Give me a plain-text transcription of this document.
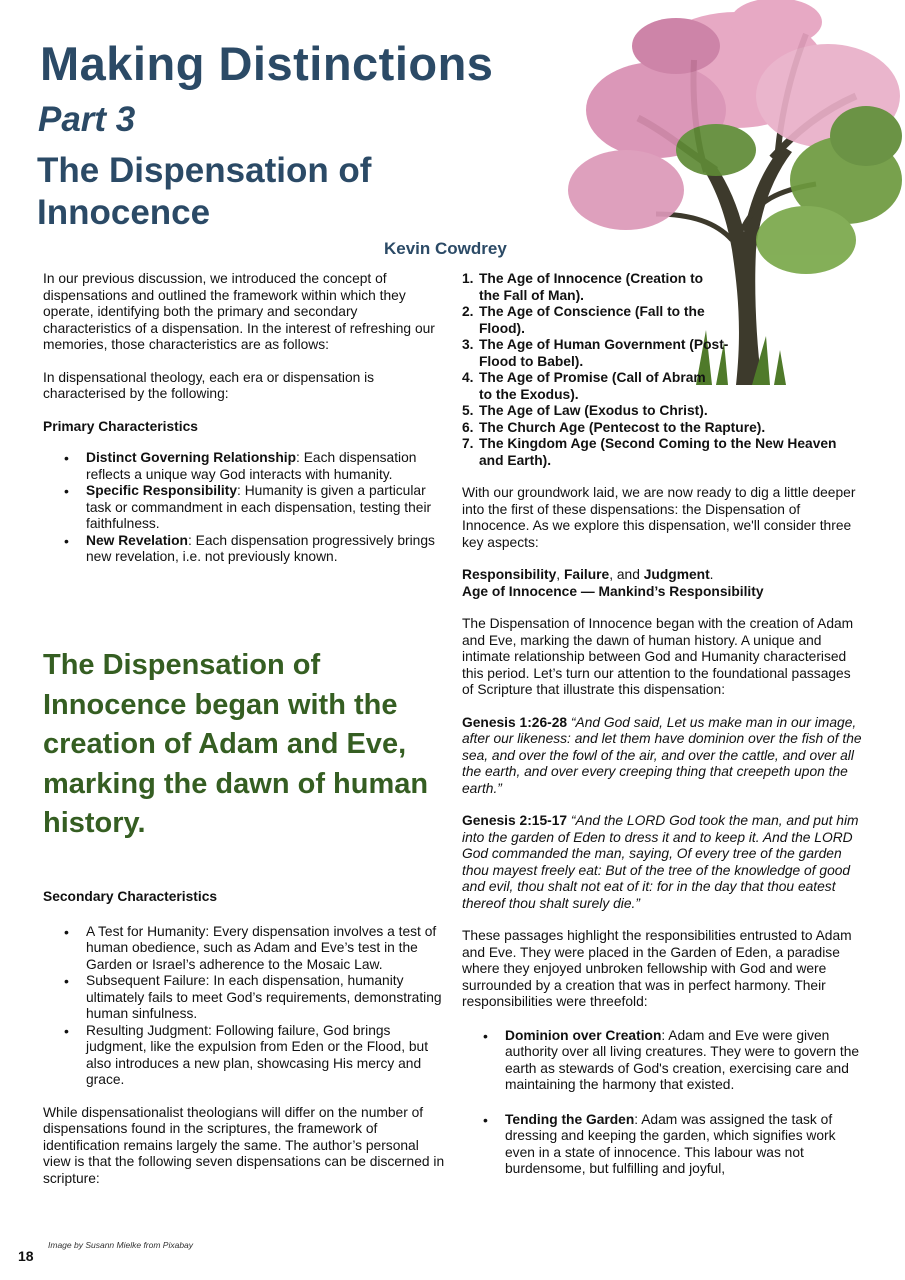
Making Distinctions
Part 3
The Dispensation of Innocence
Kevin Cowdrey

In our previous discussion, we introduced the concept of dispensations and outlined the framework within which they operate, identifying both the primary and secondary characteristics of a dispensation. In the interest of refreshing our memories, those characteristics are as follows:

In dispensational theology, each era or dispensation is characterised by the following:

Primary Characteristics

• Distinct Governing Relationship: Each dispensation reflects a unique way God interacts with humanity.
• Specific Responsibility: Humanity is given a particular task or commandment in each dispensation, testing their faithfulness.
• New Revelation: Each dispensation progressively brings new revelation, i.e. not previously known.

The Dispensation of Innocence began with the creation of Adam and Eve, marking the dawn of human history.

Secondary Characteristics

• A Test for Humanity: Every dispensation involves a test of human obedience, such as Adam and Eve’s test in the Garden or Israel’s adherence to the Mosaic Law.
• Subsequent Failure: In each dispensation, humanity ultimately fails to meet God’s requirements, demonstrating human sinfulness.
• Resulting Judgment: Following failure, God brings judgment, like the expulsion from Eden or the Flood, but also introduces a new plan, showcasing His mercy and grace.

While dispensationalist theologians will differ on the number of dispensations found in the scriptures, the framework of identification remains largely the same. The author’s personal view is that the following seven dispensations can be discerned in scripture:

1. The Age of Innocence (Creation to the Fall of Man).
2. The Age of Conscience (Fall to the Flood).
3. The Age of Human Government (Post-Flood to Babel).
4. The Age of Promise (Call of Abram to the Exodus).
5. The Age of Law (Exodus to Christ).
6. The Church Age (Pentecost to the Rapture).
7. The Kingdom Age (Second Coming to the New Heaven and Earth).

With our groundwork laid, we are now ready to dig a little deeper into the first of these dispensations: the Dispensation of Innocence. As we explore this dispensation, we'll consider three key aspects:

Responsibility, Failure, and Judgment.

Age of Innocence — Mankind’s Responsibility

The Dispensation of Innocence began with the creation of Adam and Eve, marking the dawn of human history. A unique and intimate relationship between God and Humanity characterised this period. Let’s turn our attention to the foundational passages of Scripture that illustrate this dispensation:

Genesis 1:26-28 “And God said, Let us make man in our image, after our likeness: and let them have dominion over the fish of the sea, and over the fowl of the air, and over the cattle, and over all the earth, and over every creeping thing that creepeth upon the earth.”

Genesis 2:15-17 “And the LORD God took the man, and put him into the garden of Eden to dress it and to keep it. And the LORD God commanded the man, saying, Of every tree of the garden thou mayest freely eat: But of the tree of the knowledge of good and evil, thou shalt not eat of it: for in the day that thou eatest thereof thou shalt surely die.”

These passages highlight the responsibilities entrusted to Adam and Eve. They were placed in the Garden of Eden, a paradise where they enjoyed unbroken fellowship with God and were surrounded by a creation that was in perfect harmony. Their responsibilities were threefold:

• Dominion over Creation: Adam and Eve were given authority over all living creatures. They were to govern the earth as stewards of God's creation, exercising care and maintaining the harmony that existed.
• Tending the Garden: Adam was assigned the task of dressing and keeping the garden, which signifies work even in a state of innocence. This labour was not burdensome, but fulfilling and joyful,
Image by Susann Mielke from Pixabay
18
